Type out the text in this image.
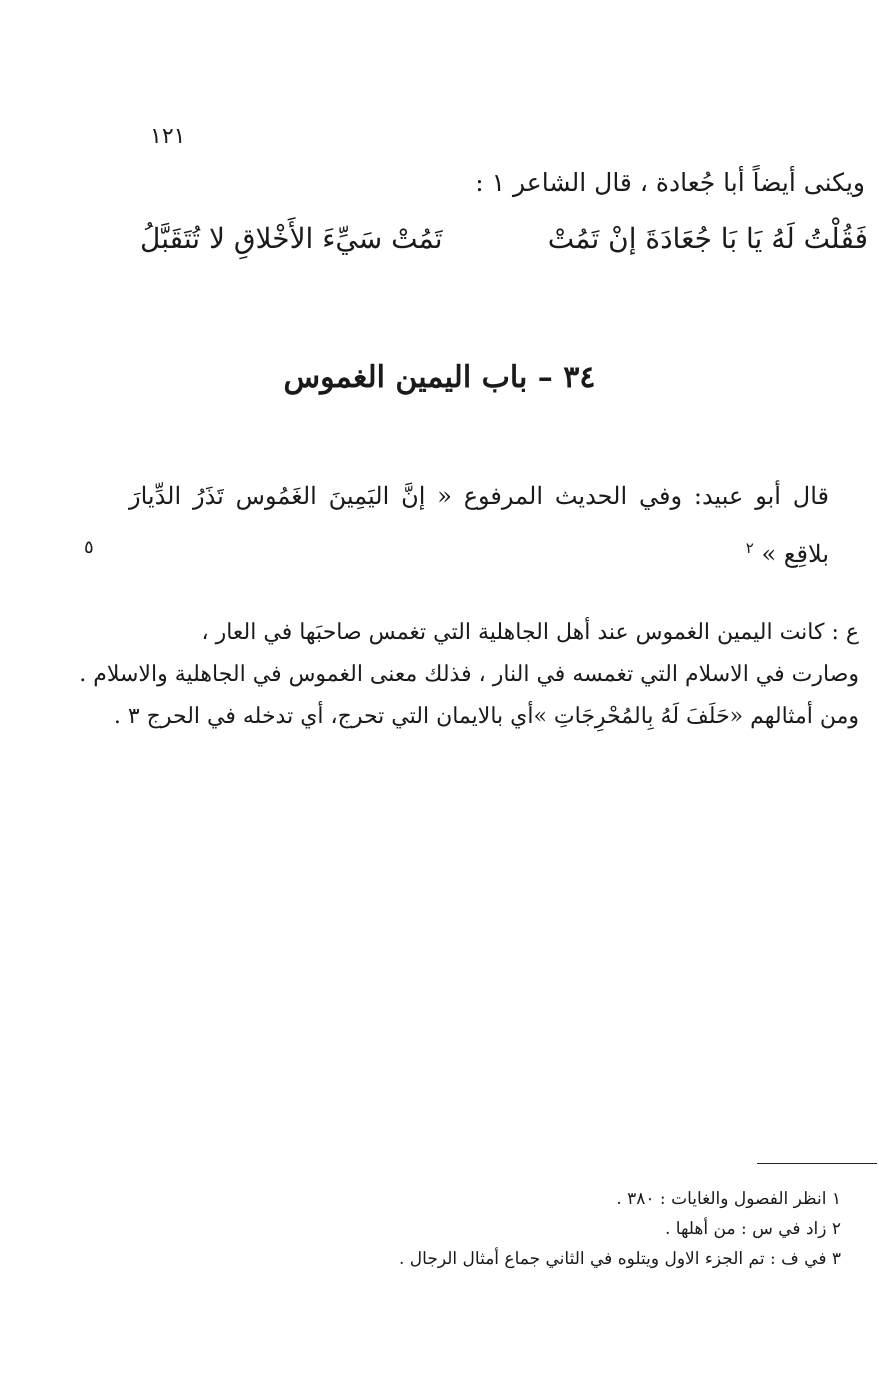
١٢١
ويكنى أيضاً أبا جُعادة ، قال الشاعر ١ :
فَقُلْتُ لَهُ يَا بَا جُعَادَةَ إنْ تَمُتْ
تَمُتْ سَيِّءَ الأَخْلاقِ لا تُتَقَبَّلُ
٣٤ – باب اليمين الغموس
قال أبو عبيد: وفي الحديث المرفوع « إنَّ اليَمِينَ الغَمُوس تَذَرُ الدِّيارَ بلاقِع » $^٢$
٥
ع : كانت اليمين الغموس عند أهل الجاهلية التي تغمس صاحبَها في العار ،
وصارت في الاسلام التي تغمسه في النار ، فذلك معنى الغموس في الجاهلية والاسلام .
ومن أمثالهم «حَلَفَ لَهُ بِالمُحْرِجَاتِ »أي بالايمان التي تحرج، أي تدخله في الحرج ٣ .
١ انظر الفصول والغايات : ٣٨٠ .
٢ زاد في س : من أهلها .
٣ في ف : تم الجزء الاول ويتلوه في الثاني جماع أمثال الرجال .
